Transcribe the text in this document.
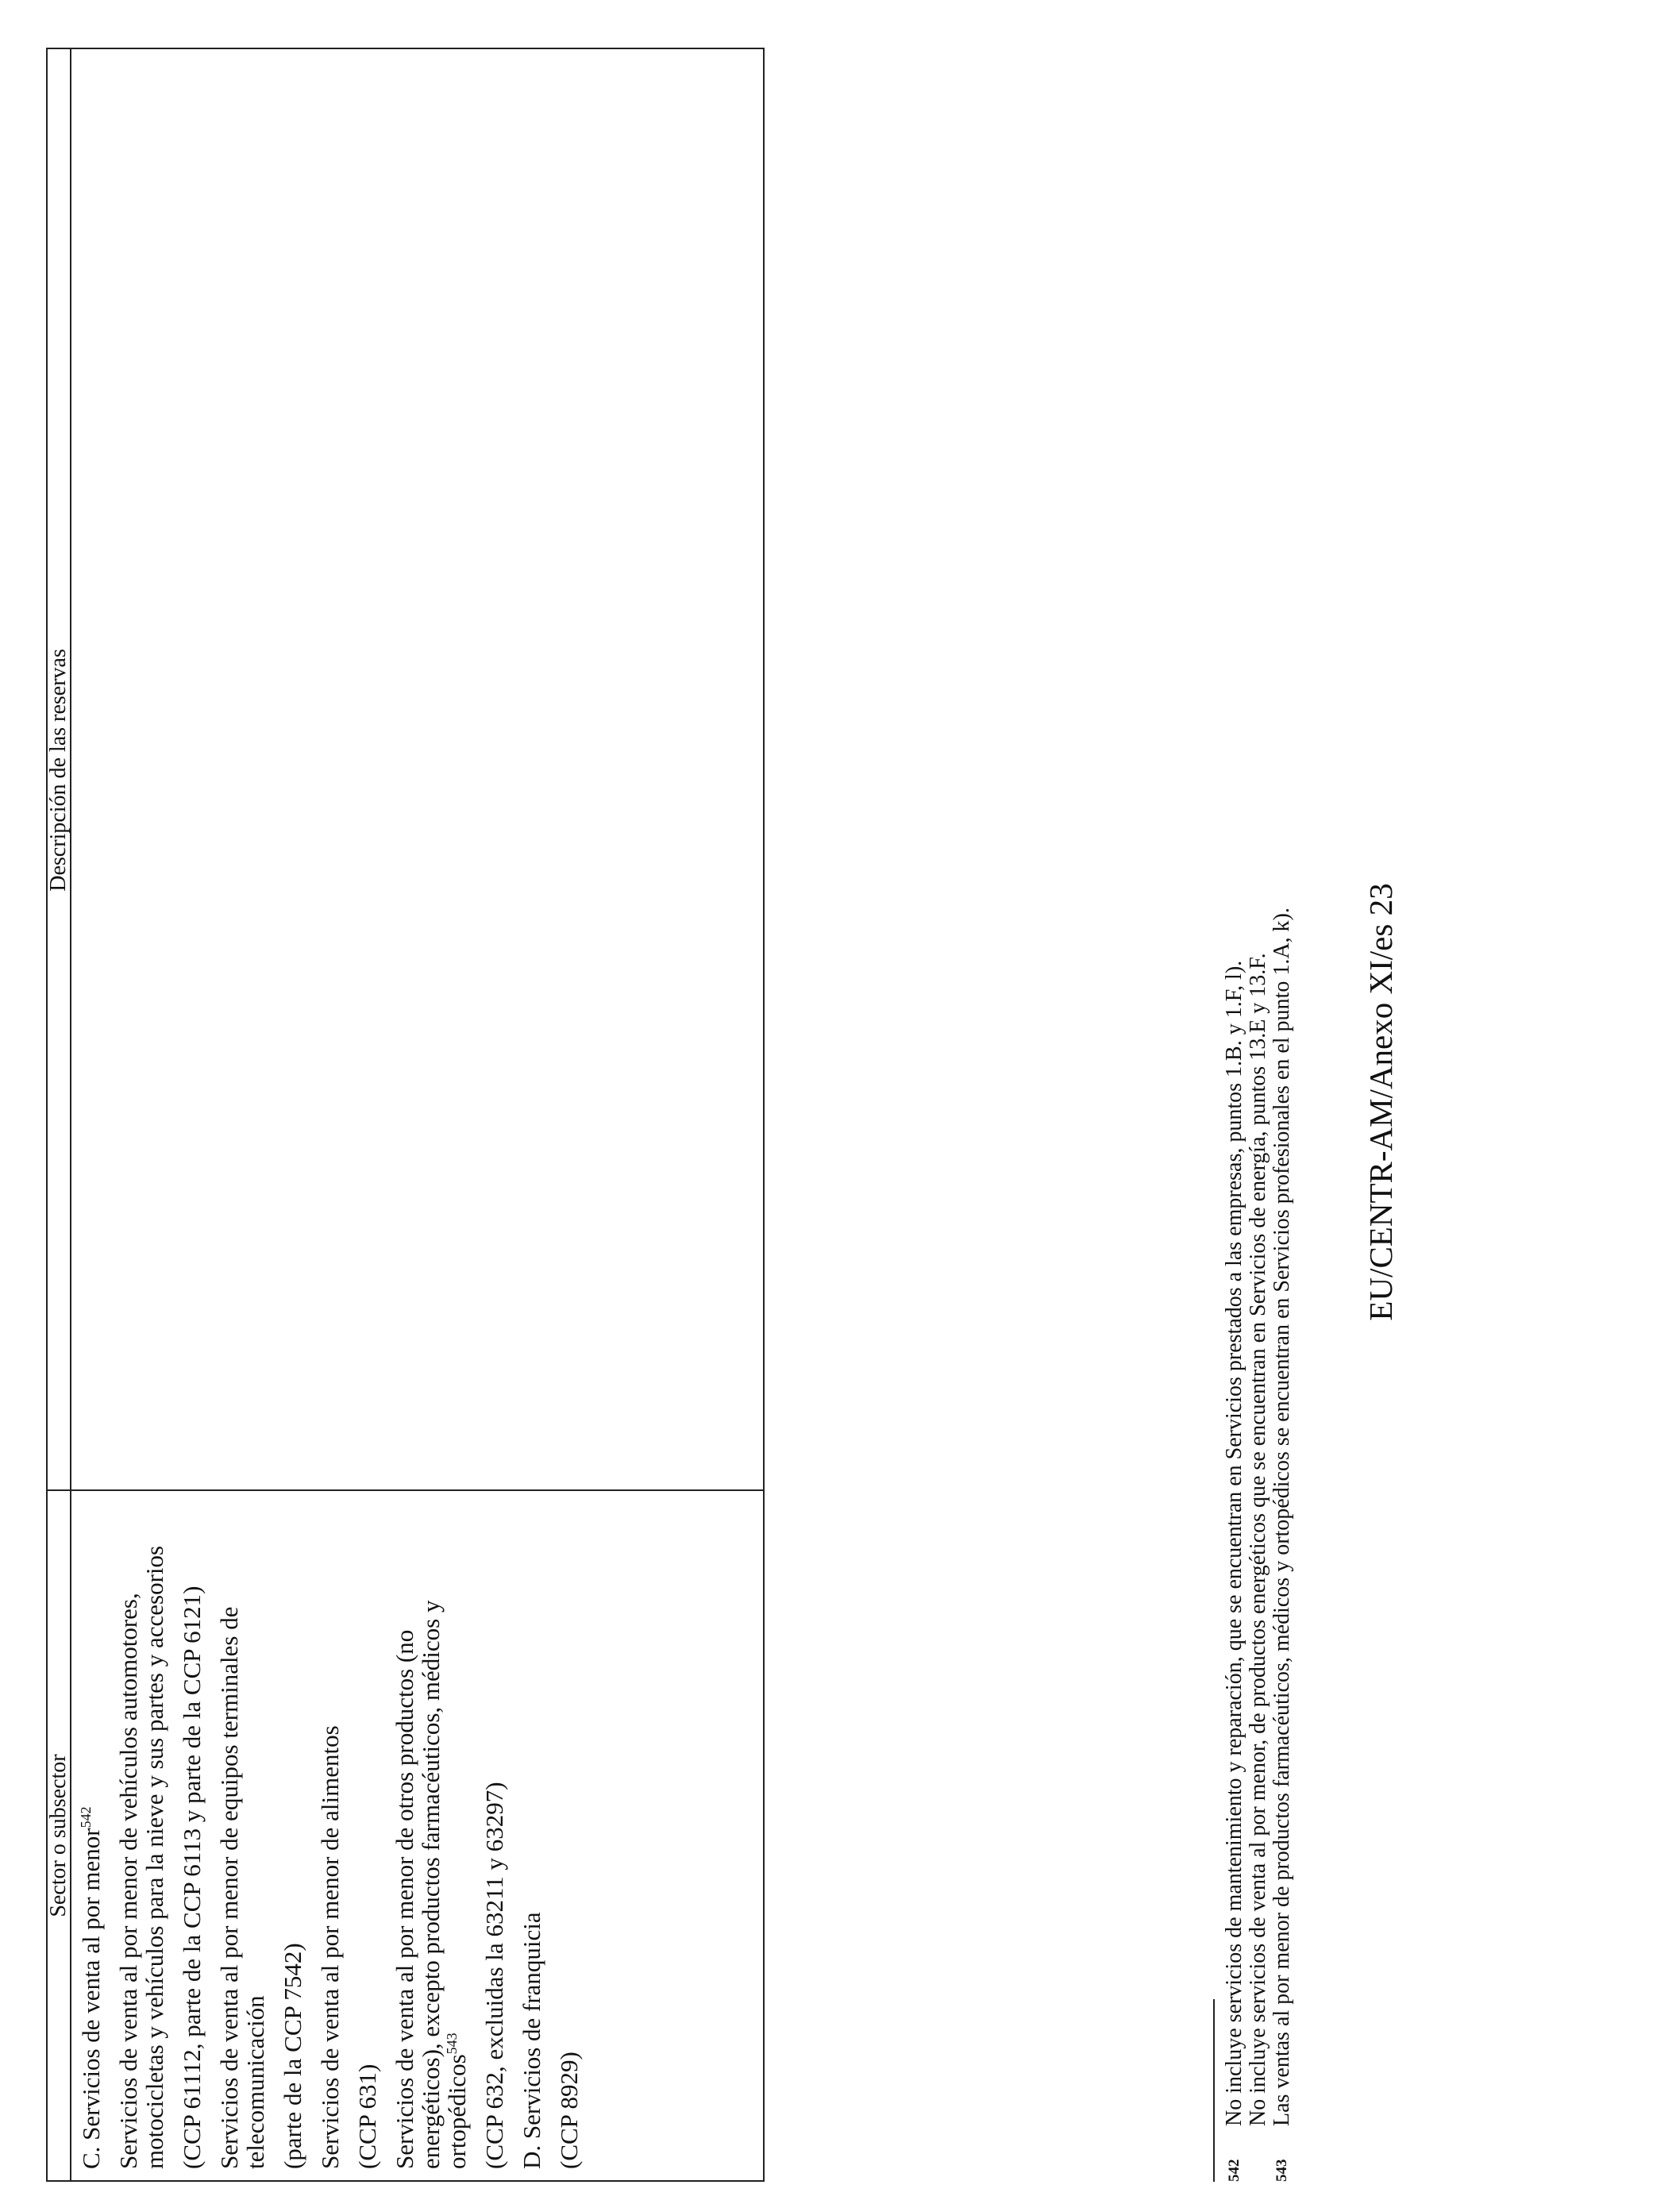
Sector o subsector
Descripción de las reservas

C. Servicios de venta al por menor$^{542}$ Servicios de venta al por menor de vehículos automotores, motocicletas y vehículos para la nieve y sus partes y accesorios (CCP 61112, parte de la CCP 6113 y parte de la CCP 6121) Servicios de venta al por menor de equipos terminales de telecomunicación (parte de la CCP 7542) Servicios de venta al por menor de alimentos (CCP 631) Servicios de venta al por menor de otros productos (no energéticos), excepto productos farmacéuticos, médicos y ortopédicos$^{543}$ (CCP 632, excluidas la 63211 y 63297) D. Servicios de franquicia (CCP 8929)

542
No incluye servicios de mantenimiento y reparación, que se encuentran en Servicios prestados a las empresas, puntos 1.B. y 1.F, l). No incluye servicios de venta al por menor, de productos energéticos que se encuentran en Servicios de energía, puntos 13.E y 13.F.
543
Las ventas al por menor de productos farmacéuticos, médicos y ortopédicos se encuentran en Servicios profesionales en el punto 1.A, k). EU/CENTR-AM/Anexo XI/es 23
